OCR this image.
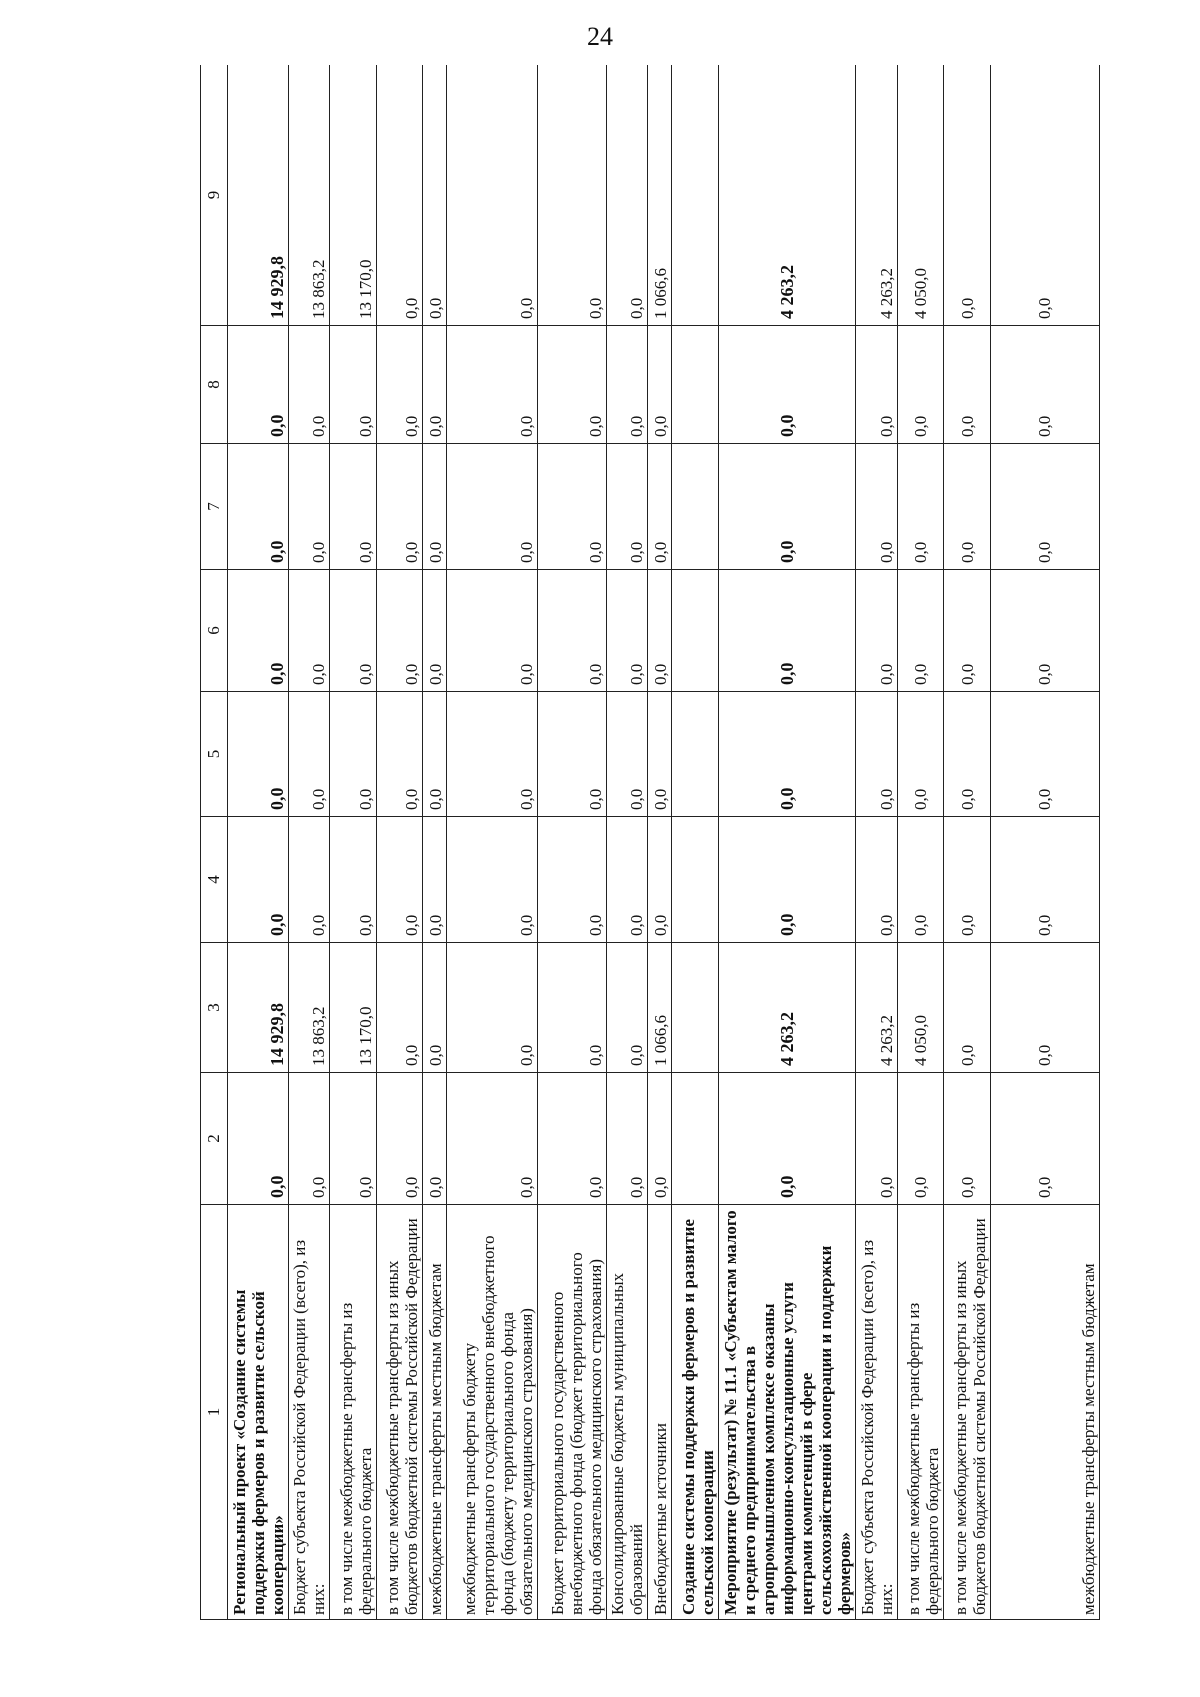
24
1	2	3	4	5	6	7	8	9
Региональный проект «Создание системы поддержки фермеров и развитие сельской кооперации»	0,0	14 929,8	0,0	0,0	0,0	0,0	0,0	14 929,8
Бюджет субъекта Российской Федерации (всего), из них:	0,0	13 863,2	0,0	0,0	0,0	0,0	0,0	13 863,2
в том числе межбюджетные трансферты из федерального бюджета	0,0	13 170,0	0,0	0,0	0,0	0,0	0,0	13 170,0
в том числе межбюджетные трансферты из иных бюджетов бюджетной системы Российской Федерации	0,0	0,0	0,0	0,0	0,0	0,0	0,0	0,0
межбюджетные трансферты местным бюджетам	0,0	0,0	0,0	0,0	0,0	0,0	0,0	0,0
межбюджетные трансферты бюджету территориального государственного внебюджетного фонда (бюджету территориального фонда обязательного медицинского страхования)	0,0	0,0	0,0	0,0	0,0	0,0	0,0	0,0
Бюджет территориального государственного внебюджетного фонда (бюджет территориального фонда обязательного медицинского страхования)	0,0	0,0	0,0	0,0	0,0	0,0	0,0	0,0
Консолидированные бюджеты муниципальных образований	0,0	0,0	0,0	0,0	0,0	0,0	0,0	0,0
Внебюджетные источники	0,0	1 066,6	0,0	0,0	0,0	0,0	0,0	1 066,6
Создание системы поддержки фермеров и развитие сельской кооперации								
Мероприятие (результат) № 11.1 «Субъектам малого и среднего предпринимательства в агропромышленном комплексе оказаны информационно-консультационные услуги центрами компетенций в сфере сельскохозяйственной кооперации и поддержки фермеров»	0,0	4 263,2	0,0	0,0	0,0	0,0	0,0	4 263,2
Бюджет субъекта Российской Федерации (всего), из них:	0,0	4 263,2	0,0	0,0	0,0	0,0	0,0	4 263,2
в том числе межбюджетные трансферты из федерального бюджета	0,0	4 050,0	0,0	0,0	0,0	0,0	0,0	4 050,0
в том числе межбюджетные трансферты из иных бюджетов бюджетной системы Российской Федерации	0,0	0,0	0,0	0,0	0,0	0,0	0,0	0,0
межбюджетные трансферты местным бюджетам	0,0	0,0	0,0	0,0	0,0	0,0	0,0	0,0
